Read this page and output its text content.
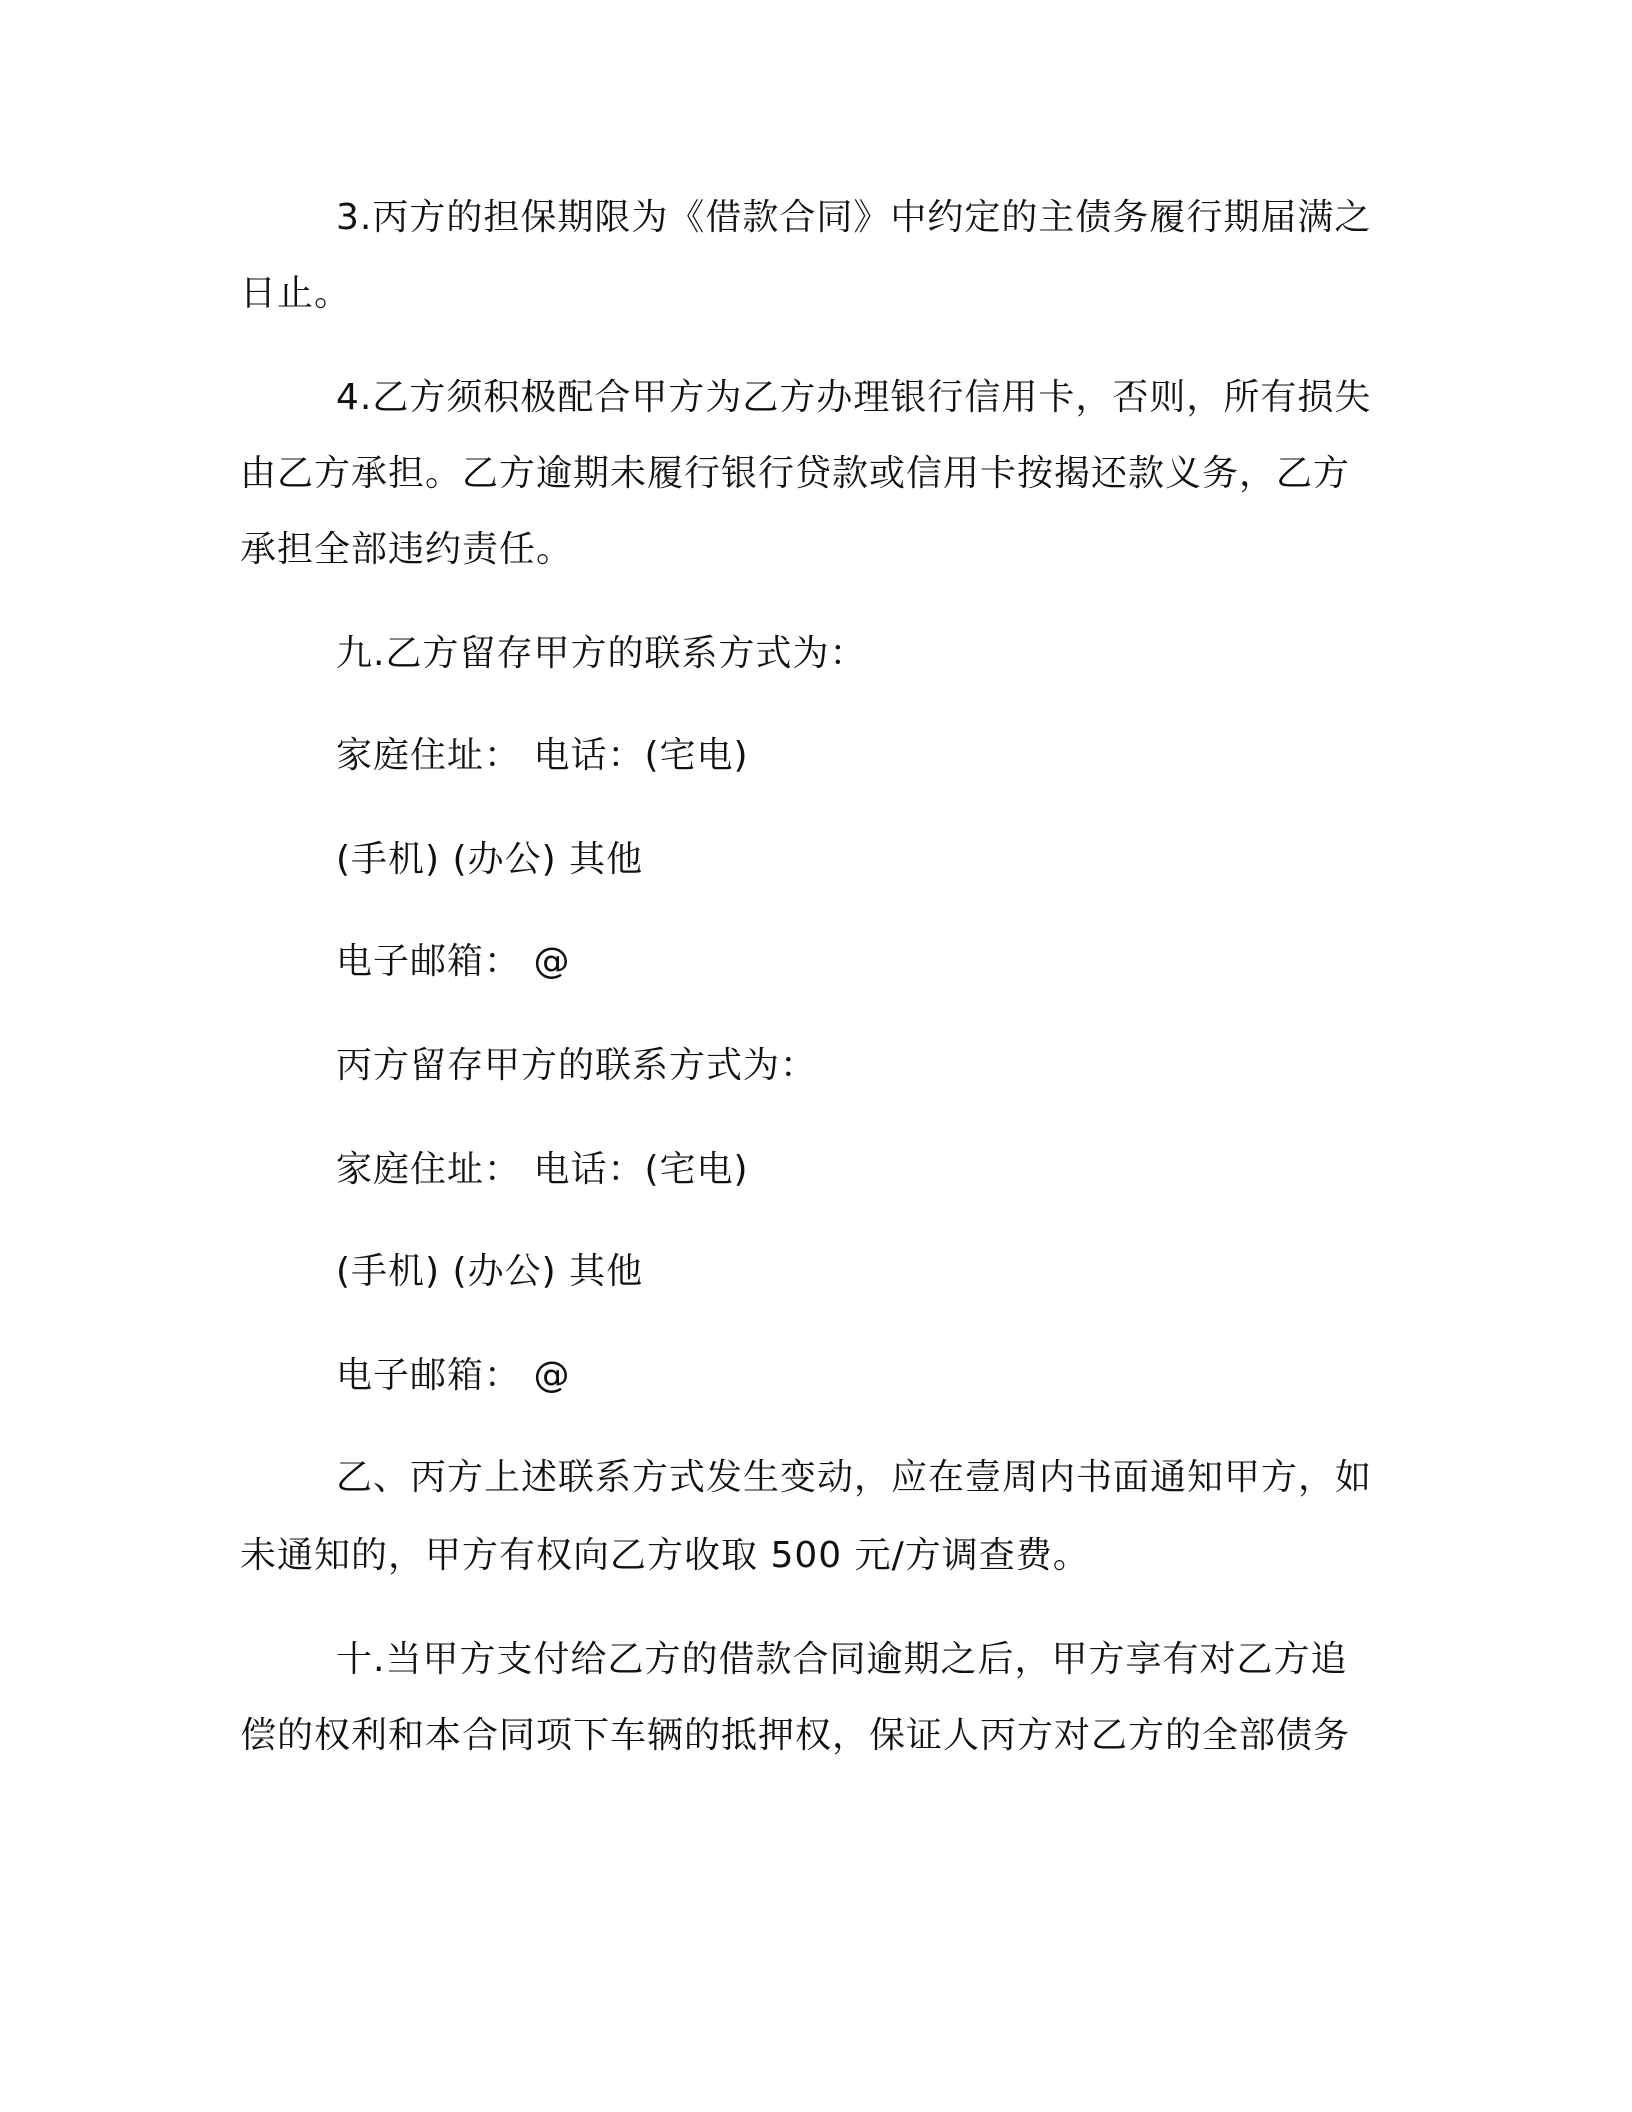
3.丙方的担保期限为《借款合同》中约定的主债务履行期届满之
日止。
4.乙方须积极配合甲方为乙方办理银行信用卡，否则，所有损失
由乙方承担。乙方逾期未履行银行贷款或信用卡按揭还款义务，乙方
承担全部违约责任。
九.乙方留存甲方的联系方式为：
家庭住址： 电话：(宅电)
(手机) (办公) 其他
电子邮箱： @
丙方留存甲方的联系方式为：
家庭住址： 电话：(宅电)
(手机) (办公) 其他
电子邮箱： @
乙、丙方上述联系方式发生变动，应在壹周内书面通知甲方，如
未通知的，甲方有权向乙方收取 500 元/方调查费。
十.当甲方支付给乙方的借款合同逾期之后，甲方享有对乙方追
偿的权利和本合同项下车辆的抵押权，保证人丙方对乙方的全部债务
